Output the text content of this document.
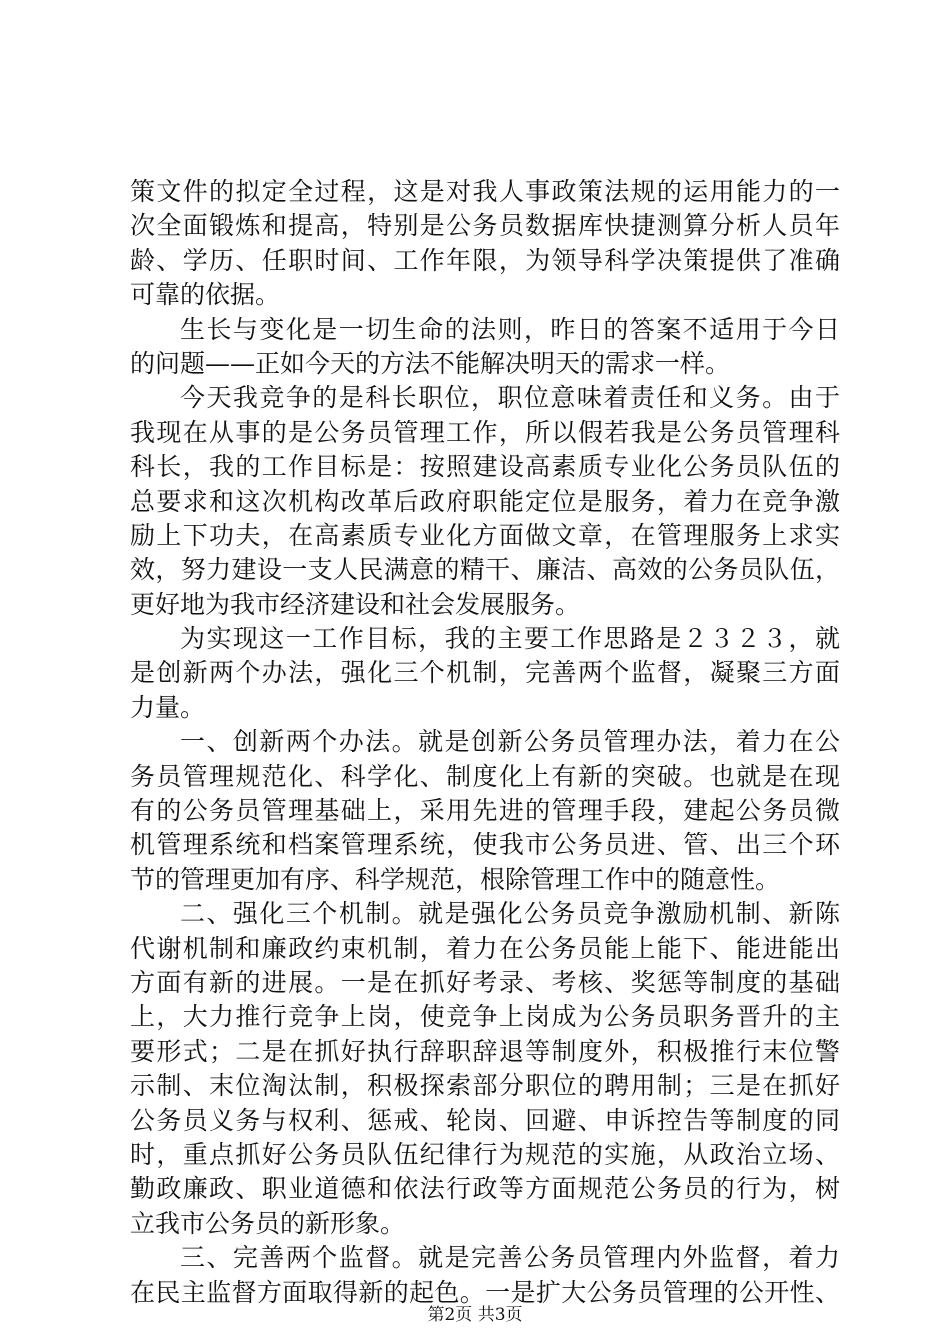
策文件的拟定全过程，这是对我人事政策法规的运用能力的一
次全面锻炼和提高，特别是公务员数据库快捷测算分析人员年
龄、学历、任职时间、工作年限，为领导科学决策提供了准确
可靠的依据。
生长与变化是一切生命的法则，昨日的答案不适用于今日
的问题——正如今天的方法不能解决明天的需求一样。
今天我竞争的是科长职位，职位意味着责任和义务。由于
我现在从事的是公务员管理工作，所以假若我是公务员管理科
科长，我的工作目标是：按照建设高素质专业化公务员队伍的
总要求和这次机构改革后政府职能定位是服务，着力在竞争激
励上下功夫，在高素质专业化方面做文章，在管理服务上求实
效，努力建设一支人民满意的精干、廉洁、高效的公务员队伍，
更好地为我市经济建设和社会发展服务。
为实现这一工作目标，我的主要工作思路是２３２３，就
是创新两个办法，强化三个机制，完善两个监督，凝聚三方面
力量。
一、创新两个办法。就是创新公务员管理办法，着力在公
务员管理规范化、科学化、制度化上有新的突破。也就是在现
有的公务员管理基础上，采用先进的管理手段，建起公务员微
机管理系统和档案管理系统，使我市公务员进、管、出三个环
节的管理更加有序、科学规范，根除管理工作中的随意性。
二、强化三个机制。就是强化公务员竞争激励机制、新陈
代谢机制和廉政约束机制，着力在公务员能上能下、能进能出
方面有新的进展。一是在抓好考录、考核、奖惩等制度的基础
上，大力推行竞争上岗，使竞争上岗成为公务员职务晋升的主
要形式；二是在抓好执行辞职辞退等制度外，积极推行末位警
示制、末位淘汰制，积极探索部分职位的聘用制；三是在抓好
公务员义务与权利、惩戒、轮岗、回避、申诉控告等制度的同
时，重点抓好公务员队伍纪律行为规范的实施，从政治立场、
勤政廉政、职业道德和依法行政等方面规范公务员的行为，树
立我市公务员的新形象。
三、完善两个监督。就是完善公务员管理内外监督，着力
在民主监督方面取得新的起色。一是扩大公务员管理的公开性、
第2页 共3页
